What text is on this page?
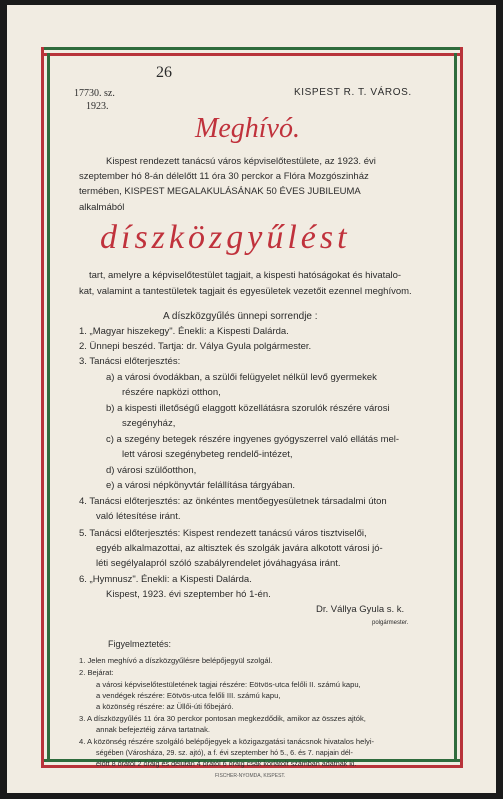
17730. sz.
1923.
26
KISPEST R. T. VÁROS.
Meghívó.
Kispest rendezett tanácsú város képviselőtestülete, az 1923. évi
szeptember hó 8-án délelőtt 11 óra 30 perckor a Flóra Mozgószinház
termében, KISPEST MEGALAKULÁSÁNAK 50 ÉVES JUBILEUMA
alkalmából
díszközgyűlést
tart, amelyre a képviselőtestület tagjait, a kispesti hatóságokat és hivatalo-
kat, valamint a tantestületek tagjait és egyesületek vezetőit ezennel meghívom.
A díszközgyűlés ünnepi sorrendje :
1. „Magyar hiszekegy". Énekli: a Kispesti Dalárda.
2. Ünnepi beszéd. Tartja: dr. Válya Gyula polgármester.
3. Tanácsi előterjesztés:
a) a városi óvodákban, a szülői felügyelet nélkül levő gyermekek
részére napközi otthon,
b) a kispesti illetőségű elaggott közellátásra szorulók részére városi
szegényház,
c) a szegény betegek részére ingyenes gyógyszerrel való ellátás mel-
lett városi szegénybeteg rendelő-intézet,
d) városi szülőotthon,
e) a városi népkönyvtár felállítása tárgyában.
4. Tanácsi előterjesztés: az önkéntes mentőegyesületnek társadalmi úton
való létesítése iránt.
5. Tanácsi előterjesztés: Kispest rendezett tanácsú város tisztviselői,
egyéb alkalmazottai, az altisztek és szolgák javára alkotott városi jó-
léti segélyalapról szóló szabályrendelet jóváhagyása iránt.
6. „Hymnusz". Énekli: a Kispesti Dalárda.
Kispest, 1923. évi szeptember hó 1-én.
Dr. Vállya Gyula s. k.
polgármester.
Figyelmeztetés:
1. Jelen meghívó a díszközgyűlésre belépőjegyül szolgál.
2. Bejárat:
a városi képviselőtestületének tagjai részére: Eötvös-utca felőli II. számú kapu,
a vendégek részére: Eötvös-utca felőli III. számú kapu,
a közönség részére: az Üllői-úti főbejáró.
3. A díszközgyűlés 11 óra 30 perckor pontosan megkezdődik, amikor az összes ajtók,
annak befejeztéig zárva tartatnak.
4. A közönség részére szolgáló belépőjegyek a közigazgatási tanácsnok hivatalos helyi-
ségében (Városháza, 29. sz. ajtó), a f. évi szeptember hó 5., 6. és 7. napjain dél-
előtt 8 órától 2 óráig és délután 4 órától 6 óráig csak korlátolt számban adatnak ki.
FISCHER-NYOMDA, KISPEST.
